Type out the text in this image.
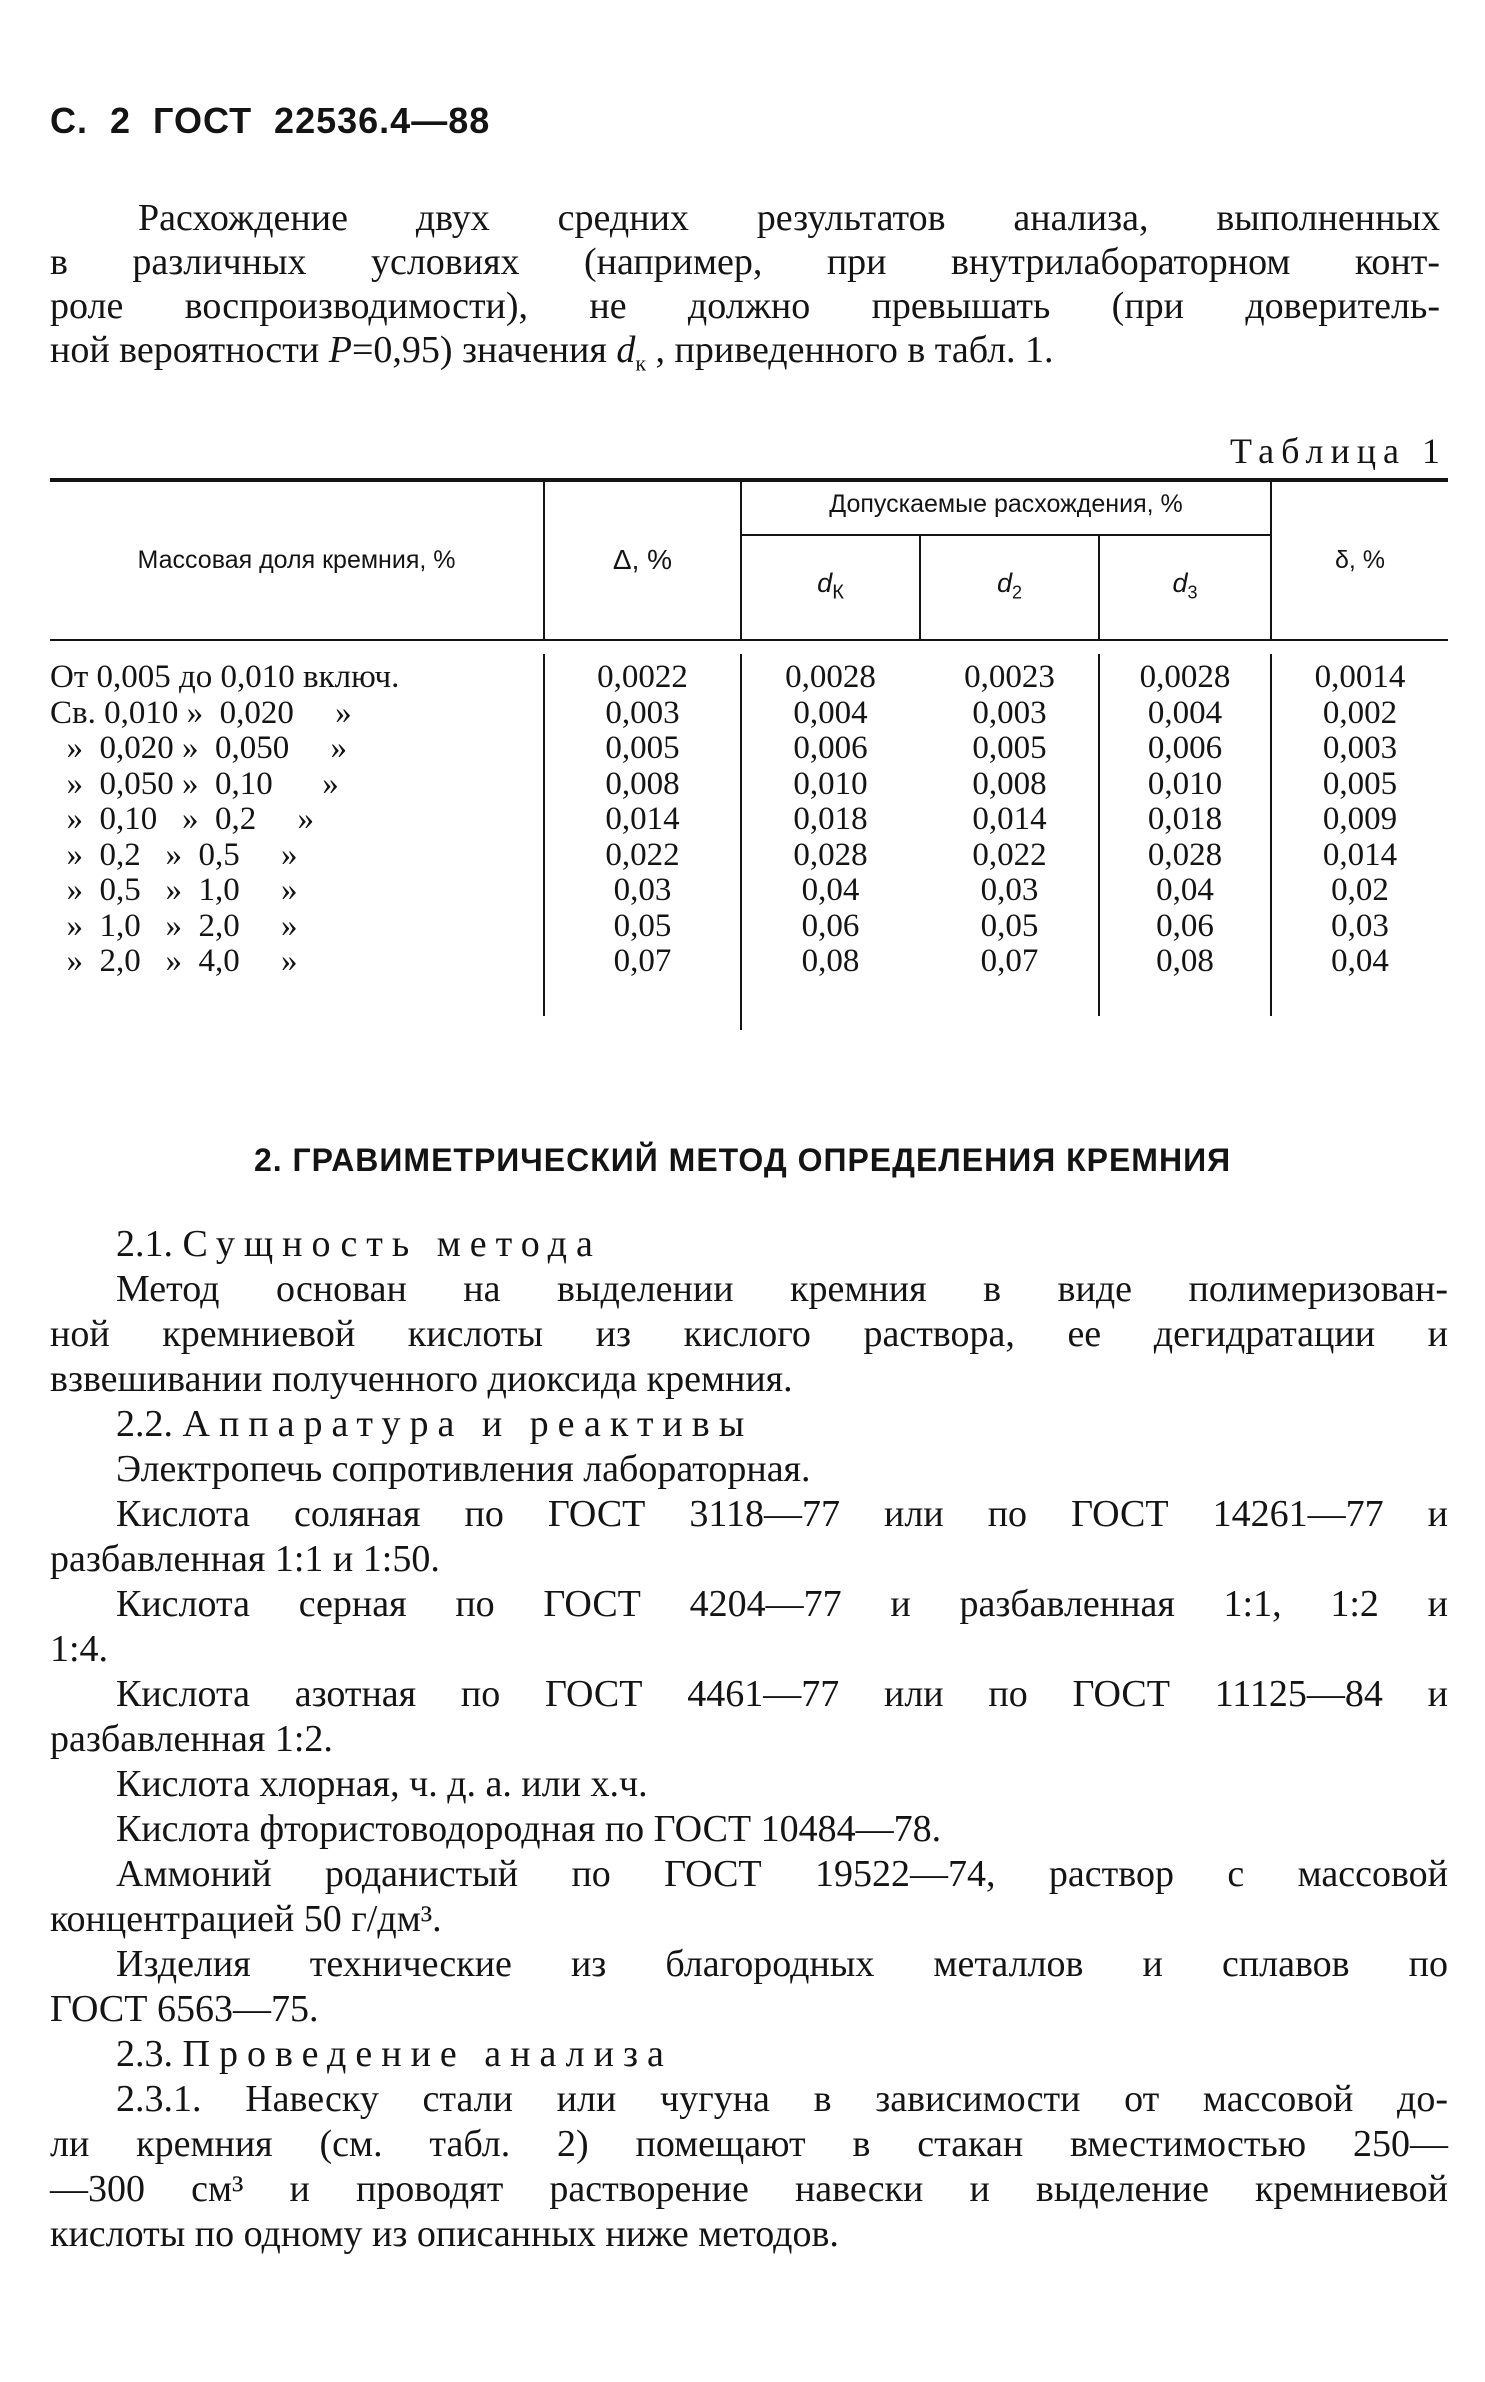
С.  2  ГОСТ  22536.4—88
Расхождение двух средних результатов анализа, выполненных
в различных условиях (например, при внутрилабораторном конт-
роле воспроизводимости), не должно превышать (при доверитель-
ной вероятности P=0,95) значения $d_к$ , приведенного в табл. 1.
Таблица 1
Массовая доля кремния, %	Δ, %
Допускаемые расхождения, %
$d_К$	$d_2$	$d_3$
δ, %
От 0,005 до 0,010 включ.	0,0022	0,0028	0,0023	0,0028	0,0014
Св. 0,010 »  0,020     »	0,003	0,004	0,003	0,004	0,002
»  0,020 »  0,050     »	0,005	0,006	0,005	0,006	0,003
»  0,050 »  0,10      »	0,008	0,010	0,008	0,010	0,005
»  0,10   »  0,2     »	0,014	0,018	0,014	0,018	0,009
»  0,2   »  0,5     »	0,022	0,028	0,022	0,028	0,014
»  0,5   »  1,0     »	0,03	0,04	0,03	0,04	0,02
»  1,0   »  2,0     »	0,05	0,06	0,05	0,06	0,03
»  2,0   »  4,0     »	0,07	0,08	0,07	0,08	0,04
2. ГРАВИМЕТРИЧЕСКИЙ МЕТОД ОПРЕДЕЛЕНИЯ КРЕМНИЯ
2.1. Сущность метода
Метод основан на выделении кремния в виде полимеризован-
ной кремниевой кислоты из кислого раствора, ее дегидратации и
взвешивании полученного диоксида кремния.
2.2. Аппаратура и реактивы
Электропечь сопротивления лабораторная.
Кислота соляная по ГОСТ 3118—77 или по ГОСТ 14261—77 и
разбавленная 1:1 и 1:50.
Кислота серная по ГОСТ 4204—77 и разбавленная 1:1, 1:2 и
1:4.
Кислота азотная по ГОСТ 4461—77 или по ГОСТ 11125—84 и
разбавленная 1:2.
Кислота хлорная, ч. д. а. или х.ч.
Кислота фтористоводородная по ГОСТ 10484—78.
Аммоний роданистый по ГОСТ 19522—74, раствор с массовой
концентрацией 50 г/дм³.
Изделия технические из благородных металлов и сплавов по
ГОСТ 6563—75.
2.3. Проведение анализа
2.3.1. Навеску стали или чугуна в зависимости от массовой до-
ли кремния (см. табл. 2) помещают в стакан вместимостью 250—
—300 см³ и проводят растворение навески и выделение кремниевой
кислоты по одному из описанных ниже методов.
